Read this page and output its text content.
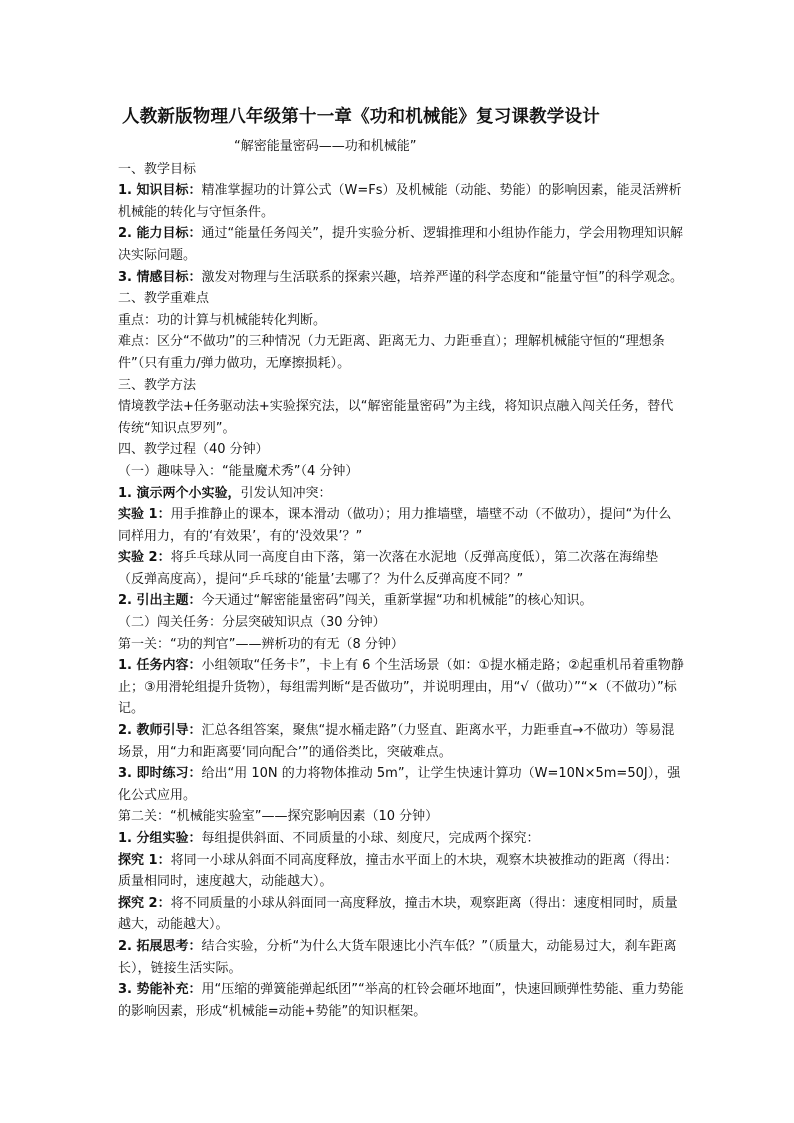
人教新版物理八年级第十一章《功和机械能》复习课教学设计
“解密能量密码——功和机械能”
一、教学目标
1. 知识目标：精准掌握功的计算公式（W=Fs）及机械能（动能、势能）的影响因素，能灵活辨析机械能的转化与守恒条件。
2. 能力目标：通过“能量任务闯关”，提升实验分析、逻辑推理和小组协作能力，学会用物理知识解决实际问题。
3. 情感目标：激发对物理与生活联系的探索兴趣，培养严谨的科学态度和“能量守恒”的科学观念。
二、教学重难点
重点：功的计算与机械能转化判断。
难点：区分“不做功”的三种情况（力无距离、距离无力、力距垂直）；理解机械能守恒的“理想条件”（只有重力/弹力做功，无摩擦损耗）。
三、教学方法
情境教学法+任务驱动法+实验探究法，以“解密能量密码”为主线，将知识点融入闯关任务，替代传统“知识点罗列”。
四、教学过程（40 分钟）
（一）趣味导入：“能量魔术秀”（4 分钟）
1. 演示两个小实验，引发认知冲突：
实验 1：用手推静止的课本，课本滑动（做功）；用力推墙壁，墙壁不动（不做功），提问“为什么同样用力，有的‘有效果’，有的‘没效果’？”
实验 2：将乒乓球从同一高度自由下落，第一次落在水泥地（反弹高度低），第二次落在海绵垫（反弹高度高），提问“乒乓球的‘能量’去哪了？为什么反弹高度不同？”
2. 引出主题：今天通过“解密能量密码”闯关，重新掌握“功和机械能”的核心知识。
（二）闯关任务：分层突破知识点（30 分钟）
第一关：“功的判官”——辨析功的有无（8 分钟）
1. 任务内容：小组领取“任务卡”，卡上有 6 个生活场景（如：①提水桶走路；②起重机吊着重物静止；③用滑轮组提升货物），每组需判断“是否做功”，并说明理由，用“√（做功）”“×（不做功）”标记。
2. 教师引导：汇总各组答案，聚焦“提水桶走路”（力竖直、距离水平，力距垂直→不做功）等易混场景，用“力和距离要‘同向配合’”的通俗类比，突破难点。
3. 即时练习：给出“用 10N 的力将物体推动 5m”，让学生快速计算功（W=10N×5m=50J），强化公式应用。
第二关：“机械能实验室”——探究影响因素（10 分钟）
1. 分组实验：每组提供斜面、不同质量的小球、刻度尺，完成两个探究：
探究 1：将同一小球从斜面不同高度释放，撞击水平面上的木块，观察木块被推动的距离（得出：质量相同时，速度越大，动能越大）。
探究 2：将不同质量的小球从斜面同一高度释放，撞击木块，观察距离（得出：速度相同时，质量越大，动能越大）。
2. 拓展思考：结合实验，分析“为什么大货车限速比小汽车低？”（质量大，动能易过大，刹车距离长），链接生活实际。
3. 势能补充：用“压缩的弹簧能弹起纸团”“举高的杠铃会砸坏地面”，快速回顾弹性势能、重力势能的影响因素，形成“机械能=动能+势能”的知识框架。
